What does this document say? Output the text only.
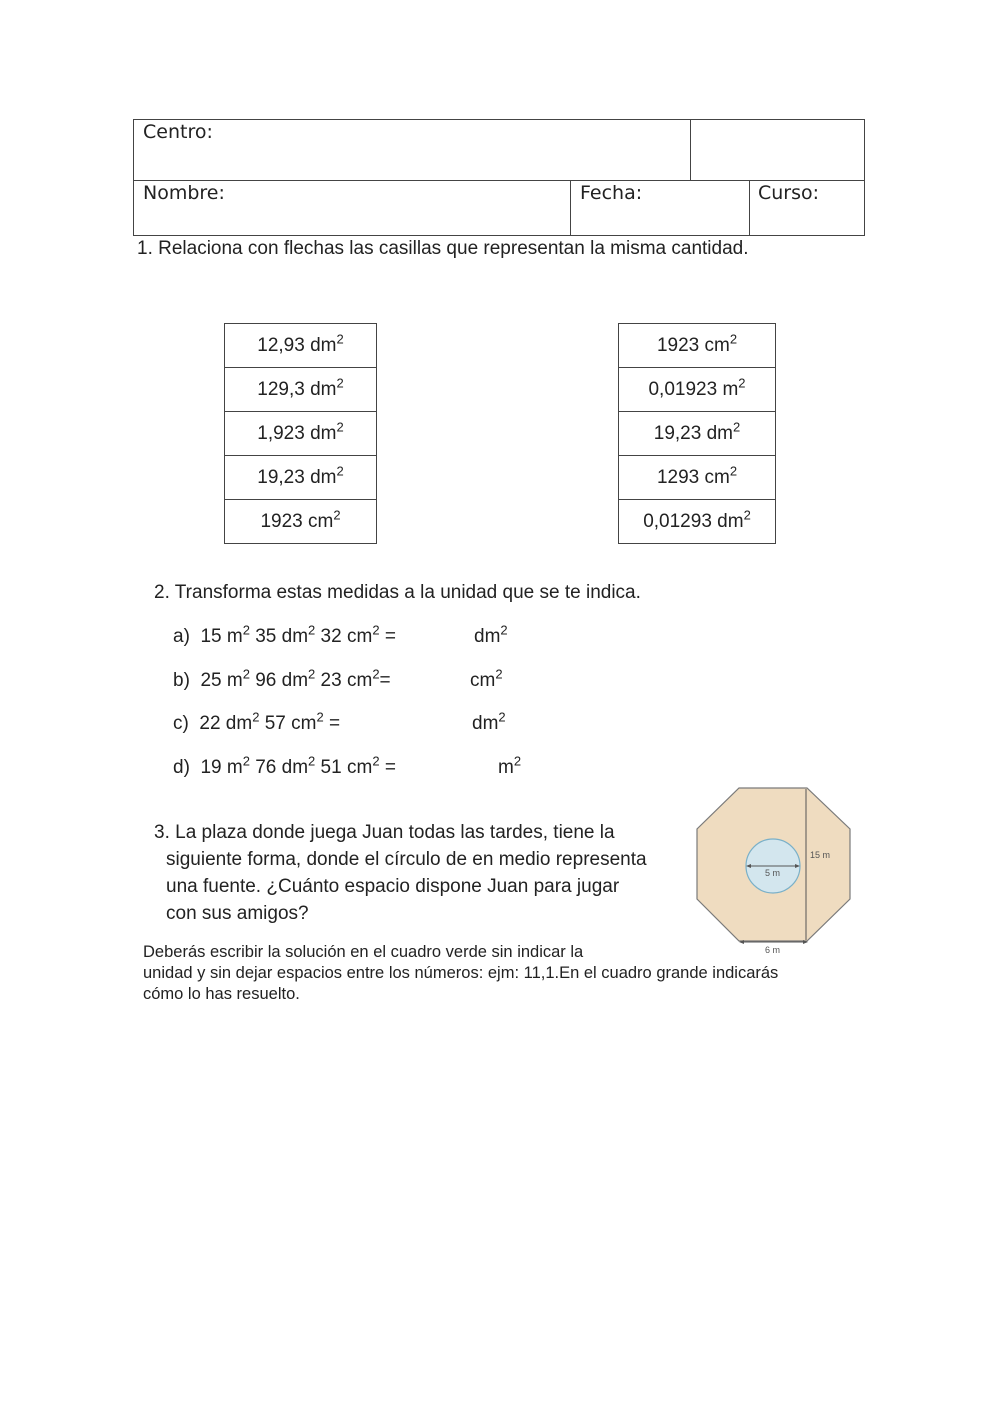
Centro:
Nombre:	Fecha:	Curso:
1. Relaciona con flechas las casillas que representan la misma cantidad.
12,93 $dm^2$
129,3 $dm^2$
1,923 $dm^2$
19,23 $dm^2$
1923 $cm^2$
1923 $cm^2$
0,01923 $m^2$
19,23 $dm^2$
1293 $cm^2$
0,01293 $dm^2$
2. Transforma estas medidas a la unidad que se te indica.
a) 15 $m^2$ 35 $dm^2$ 32 $cm^2$ =	$dm^2$
b) 25 $m^2$ 96 $dm^2$ 23 $cm^2=$	$cm^2$
c) 22 $dm^2$ 57 $cm^2$ =	$dm^2$
d) 19 $m^2$ 76 $dm^2$ 51 $cm^2$ =	$m^2$
3. La plaza donde juega Juan todas las tardes, tiene la
siguiente forma, donde el círculo de en medio representa
una fuente. ¿Cuánto espacio dispone Juan para jugar
con sus amigos?
15 m
5 m
6 m
Deberás escribir la solución en el cuadro verde sin indicar la
unidad y sin dejar espacios entre los números: ejm: 11,1.En el cuadro grande indicarás
cómo lo has resuelto.
